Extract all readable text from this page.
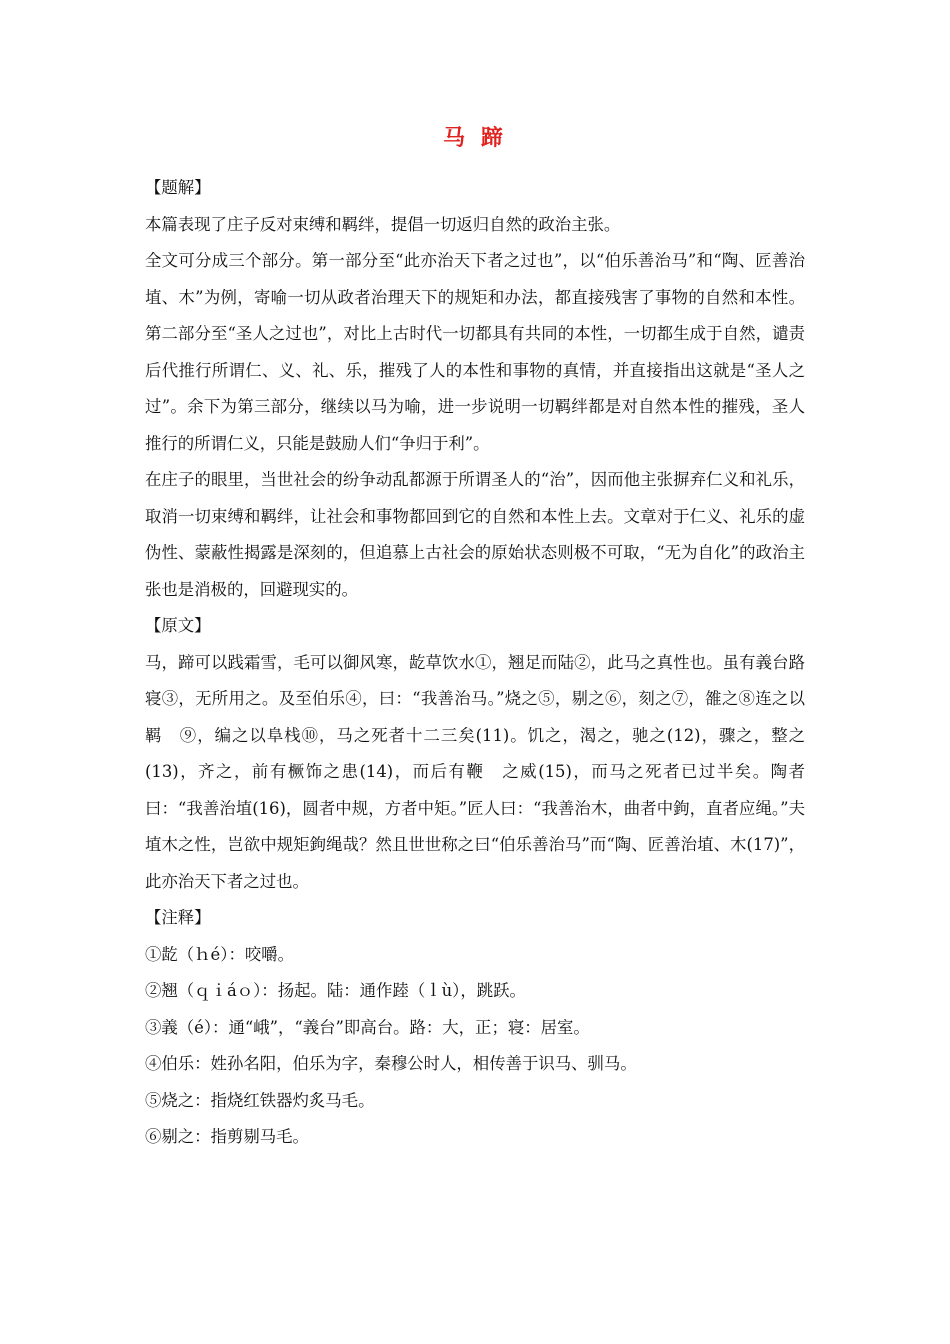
马 蹄

【题解】

本篇表现了庄子反对束缚和羁绊，提倡一切返归自然的政治主张。

全文可分成三个部分。第一部分至“此亦治天下者之过也”，以“伯乐善治马”和“陶、匠善治埴、木”为例，寄喻一切从政者治理天下的规矩和办法，都直接残害了事物的自然和本性。第二部分至“圣人之过也”，对比上古时代一切都具有共同的本性，一切都生成于自然，谴责后代推行所谓仁、义、礼、乐，摧残了人的本性和事物的真情，并直接指出这就是“圣人之过”。余下为第三部分，继续以马为喻，进一步说明一切羁绊都是对自然本性的摧残，圣人推行的所谓仁义，只能是鼓励人们“争归于利”。

在庄子的眼里，当世社会的纷争动乱都源于所谓圣人的“治”，因而他主张摒弃仁义和礼乐，取消一切束缚和羁绊，让社会和事物都回到它的自然和本性上去。文章对于仁义、礼乐的虚伪性、蒙蔽性揭露是深刻的，但追慕上古社会的原始状态则极不可取，“无为自化”的政治主张也是消极的，回避现实的。

【原文】

马，蹄可以践霜雪，毛可以御风寒，龁草饮水①，翘足而陆②，此马之真性也。虽有義台路寝③，无所用之。及至伯乐④，曰：“我善治马。”烧之⑤，剔之⑥，刻之⑦，雒之⑧连之以羁　⑨，编之以阜栈⑩，马之死者十二三矣(11)。饥之，渴之，驰之(12)，骤之，整之(13)，齐之，前有橛饰之患(14)，而后有鞭　之威(15)，而马之死者已过半矣。陶者曰：“我善治埴(16)，圆者中规，方者中矩。”匠人曰：“我善治木，曲者中鉤，直者应绳。”夫埴木之性，岂欲中规矩鉤绳哉？然且世世称之曰“伯乐善治马”而“陶、匠善治埴、木(17)”，此亦治天下者之过也。

【注释】

①龁（ｈé）：咬嚼。

②翘（ｑｉáｏ）：扬起。陆：通作踛（ｌù），跳跃。

③義（é）：通“峨”，“義台”即高台。路：大，正；寝：居室。

④伯乐：姓孙名阳，伯乐为字，秦穆公时人，相传善于识马、驯马。

⑤烧之：指烧红铁器灼炙马毛。

⑥剔之：指剪剔马毛。
